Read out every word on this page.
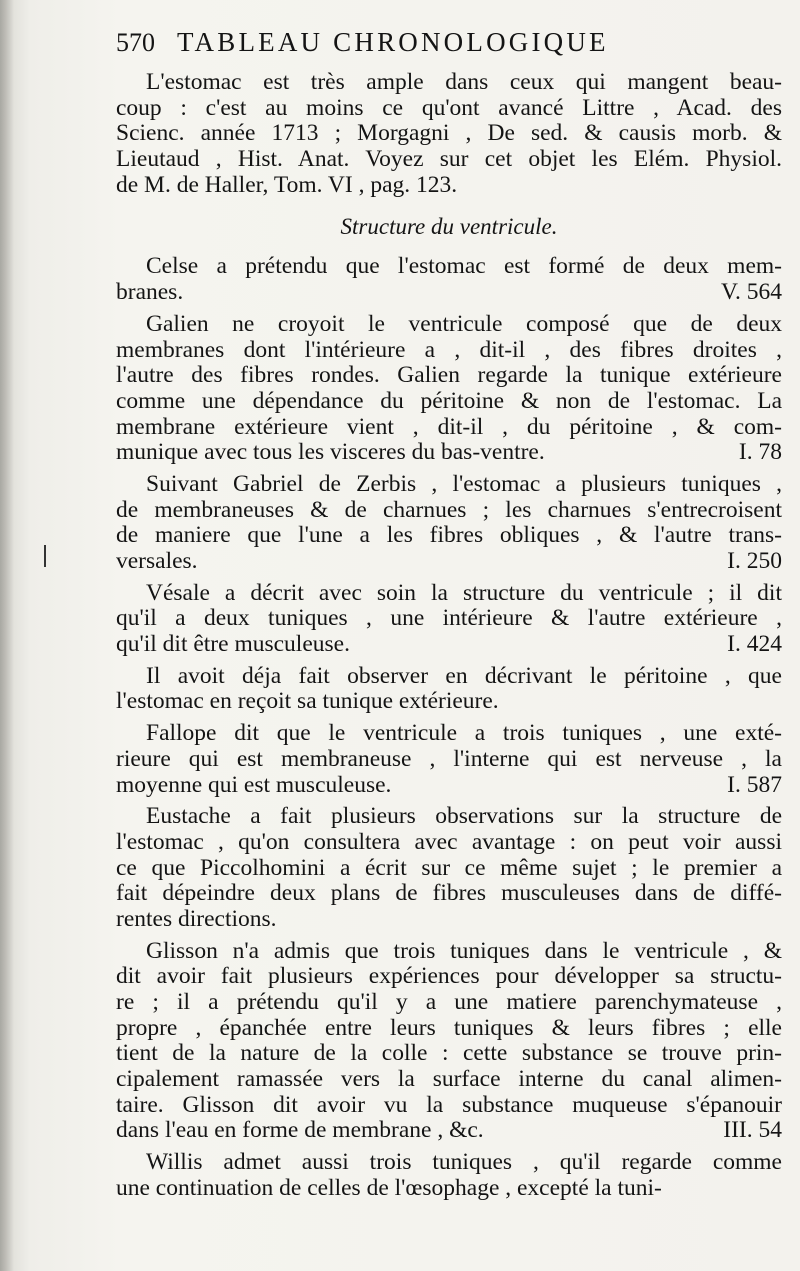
570 TABLEAU CHRONOLOGIQUE
L'estomac est très ample dans ceux qui mangent beau-
coup : c'est au moins ce qu'ont avancé Littre , Acad. des
Scienc. année 1713 ; Morgagni , De sed. & causis morb. &
Lieutaud , Hist. Anat. Voyez sur cet objet les Elém. Physiol.
de M. de Haller, Tom. VI , pag. 123.
Structure du ventricule.
Celse a prétendu que l'estomac est formé de deux mem-
branes.	V. 564
Galien ne croyoit le ventricule composé que de deux
membranes dont l'intérieure a , dit-il , des fibres droites ,
l'autre des fibres rondes. Galien regarde la tunique extérieure
comme une dépendance du péritoine & non de l'estomac. La
membrane extérieure vient , dit-il , du péritoine , & com-
munique avec tous les visceres du bas-ventre.	I. 78
Suivant Gabriel de Zerbis , l'estomac a plusieurs tuniques ,
de membraneuses & de charnues ; les charnues s'entrecroisent
de maniere que l'une a les fibres obliques , & l'autre trans-
versales.	I. 250
Vésale a décrit avec soin la structure du ventricule ; il dit
qu'il a deux tuniques , une intérieure & l'autre extérieure ,
qu'il dit être musculeuse.	I. 424
Il avoit déja fait observer en décrivant le péritoine , que
l'estomac en reçoit sa tunique extérieure.
Fallope dit que le ventricule a trois tuniques , une exté-
rieure qui est membraneuse , l'interne qui est nerveuse , la
moyenne qui est musculeuse.	I. 587
Eustache a fait plusieurs observations sur la structure de
l'estomac , qu'on consultera avec avantage : on peut voir aussi
ce que Piccolhomini a écrit sur ce même sujet ; le premier a
fait dépeindre deux plans de fibres musculeuses dans de diffé-
rentes directions.
Glisson n'a admis que trois tuniques dans le ventricule , &
dit avoir fait plusieurs expériences pour développer sa structu-
re ; il a prétendu qu'il y a une matiere parenchymateuse ,
propre , épanchée entre leurs tuniques & leurs fibres ; elle
tient de la nature de la colle : cette substance se trouve prin-
cipalement ramassée vers la surface interne du canal alimen-
taire. Glisson dit avoir vu la substance muqueuse s'épanouir
dans l'eau en forme de membrane , &c.	III. 54
Willis admet aussi trois tuniques , qu'il regarde comme
une continuation de celles de l'œsophage , excepté la tuni-
